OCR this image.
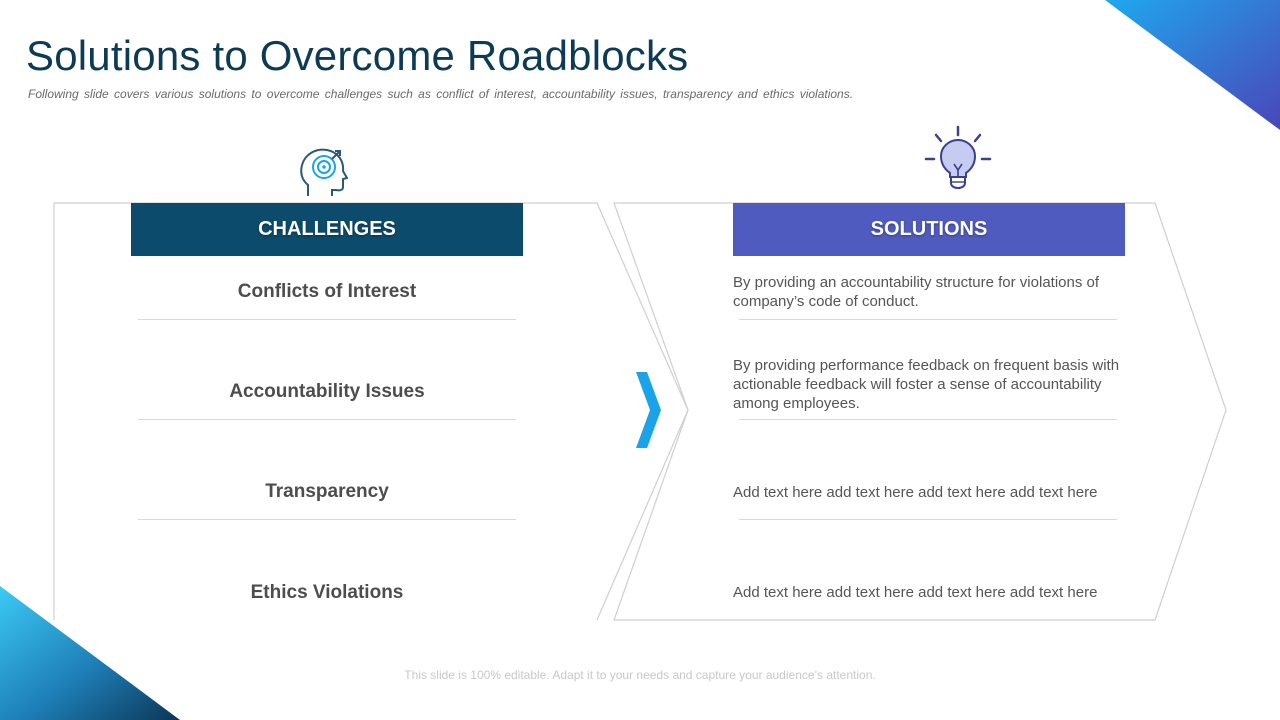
Solutions to Overcome Roadblocks
Following slide covers various solutions to overcome challenges such as conflict of interest, accountability issues, transparency and ethics violations.
CHALLENGES	SOLUTIONS
Conflicts of Interest
Accountability Issues
Transparency
Ethics Violations
By providing an accountability structure for violations of company’s code of conduct.
By providing performance feedback on frequent basis with actionable feedback will foster a sense of accountability among employees.
Add text here add text here add text here add text here
Add text here add text here add text here add text here
This slide is 100% editable. Adapt it to your needs and capture your audience’s attention.
